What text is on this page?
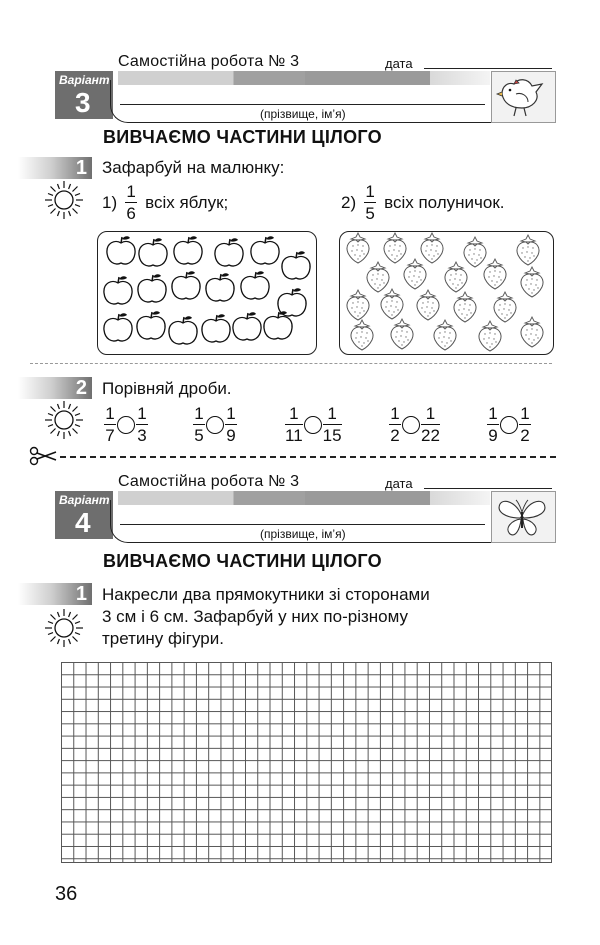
Самостійна робота № 3	дата
Варіант
3	(прізвище, ім’я)
ВИВЧАЄМО ЧАСТИНИ ЦІЛОГО
1 Зафарбуй на малюнку:
$1) \frac{1}{6}$ всіх яблук;	$2) \frac{1}{5}$ всіх полуничок.
2 Порівняй дроби.
$\frac{1}{7} \frac{1}{3}$	$\frac{1}{5} \frac{1}{9}$	$\frac{1}{11} \frac{1}{15}$	$\frac{1}{2} \frac{1}{22}$	$\frac{1}{9} \frac{1}{2}$
Самостійна робота № 3	дата
Варіант
4	(прізвище, ім’я)
ВИВЧАЄМО ЧАСТИНИ ЦІЛОГО
1 Накресли два прямокутники зі сторонами
3 см і 6 см. Зафарбуй у них по-різному
третину фігури.
36
